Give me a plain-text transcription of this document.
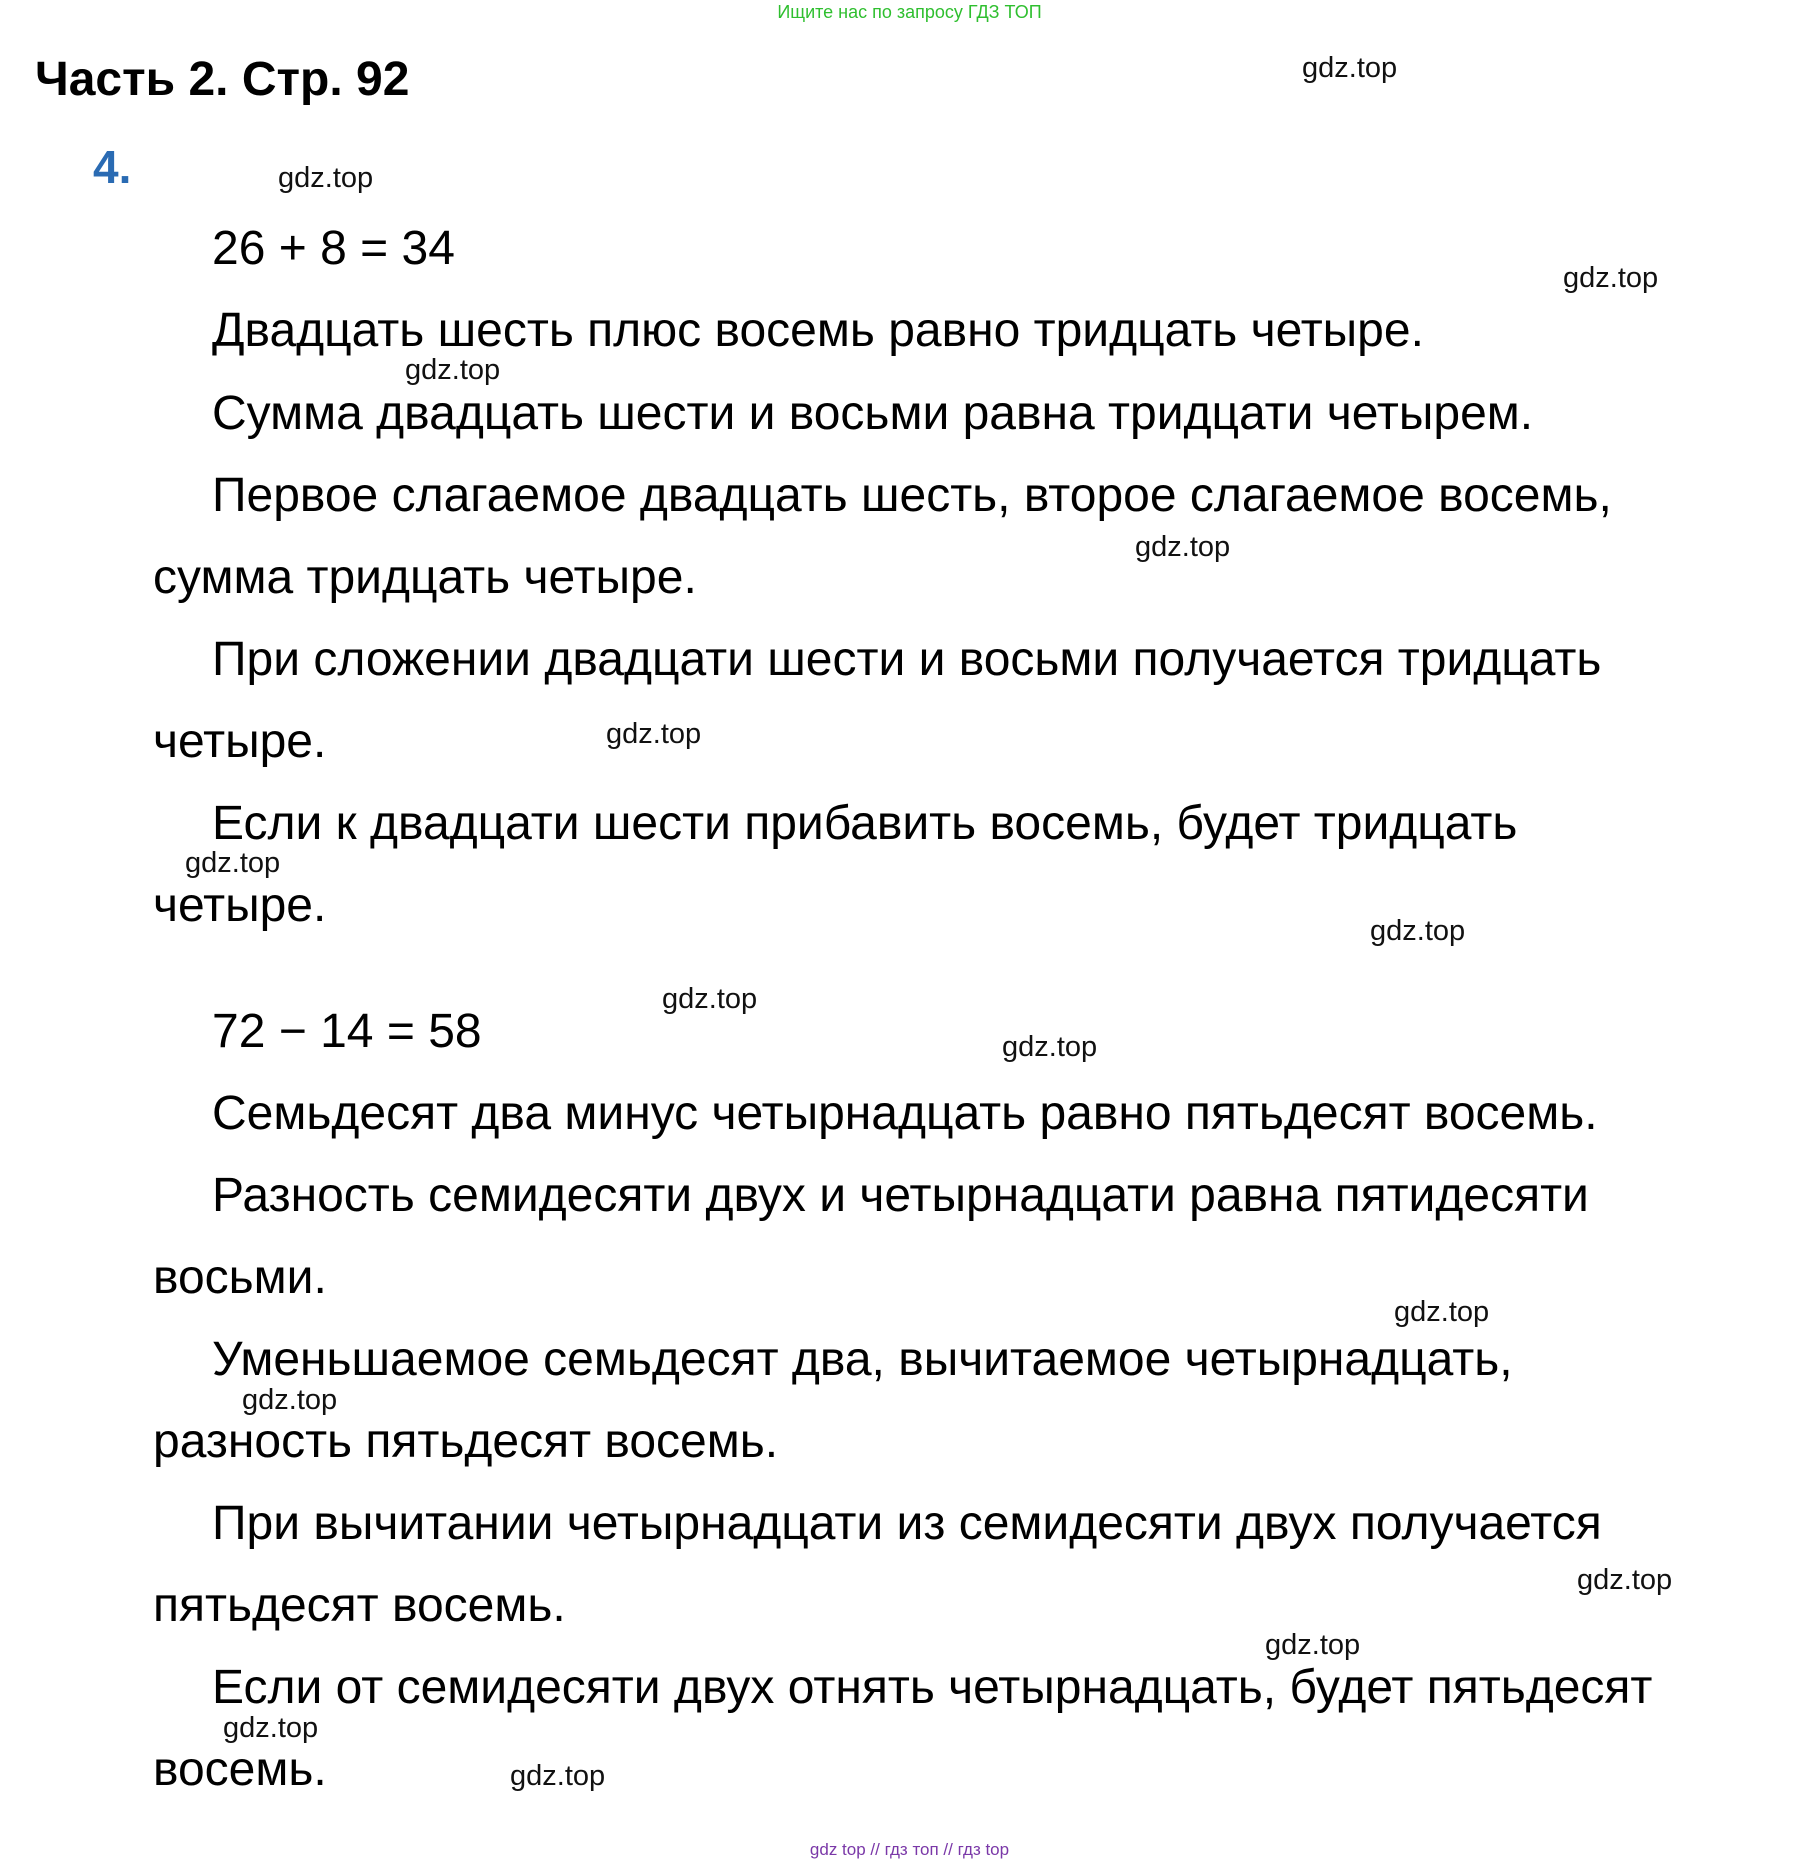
Ищите нас по запросу ГДЗ ТОП
Часть 2. Стр. 92
4.
26 + 8 = 34
Двадцать шесть плюс восемь равно тридцать четыре.
Сумма двадцать шести и восьми равна тридцати четырем.
Первое слагаемое двадцать шесть, второе слагаемое восемь,
сумма тридцать четыре.
При сложении двадцати шести и восьми получается тридцать
четыре.
Если к двадцати шести прибавить восемь, будет тридцать
четыре.
72 − 14 = 58
Семьдесят два минус четырнадцать равно пятьдесят восемь.
Разность семидесяти двух и четырнадцати равна пятидесяти
восьми.
Уменьшаемое семьдесят два, вычитаемое четырнадцать,
разность пятьдесят восемь.
При вычитании четырнадцати из семидесяти двух получается
пятьдесят восемь.
Если от семидесяти двух отнять четырнадцать, будет пятьдесят
восемь.
gdz.top
gdz.top
gdz.top
gdz.top
gdz.top
gdz.top
gdz.top
gdz.top
gdz.top
gdz.top
gdz.top
gdz.top
gdz.top
gdz.top
gdz.top
gdz.top
gdz top // гдз топ // гдз top
